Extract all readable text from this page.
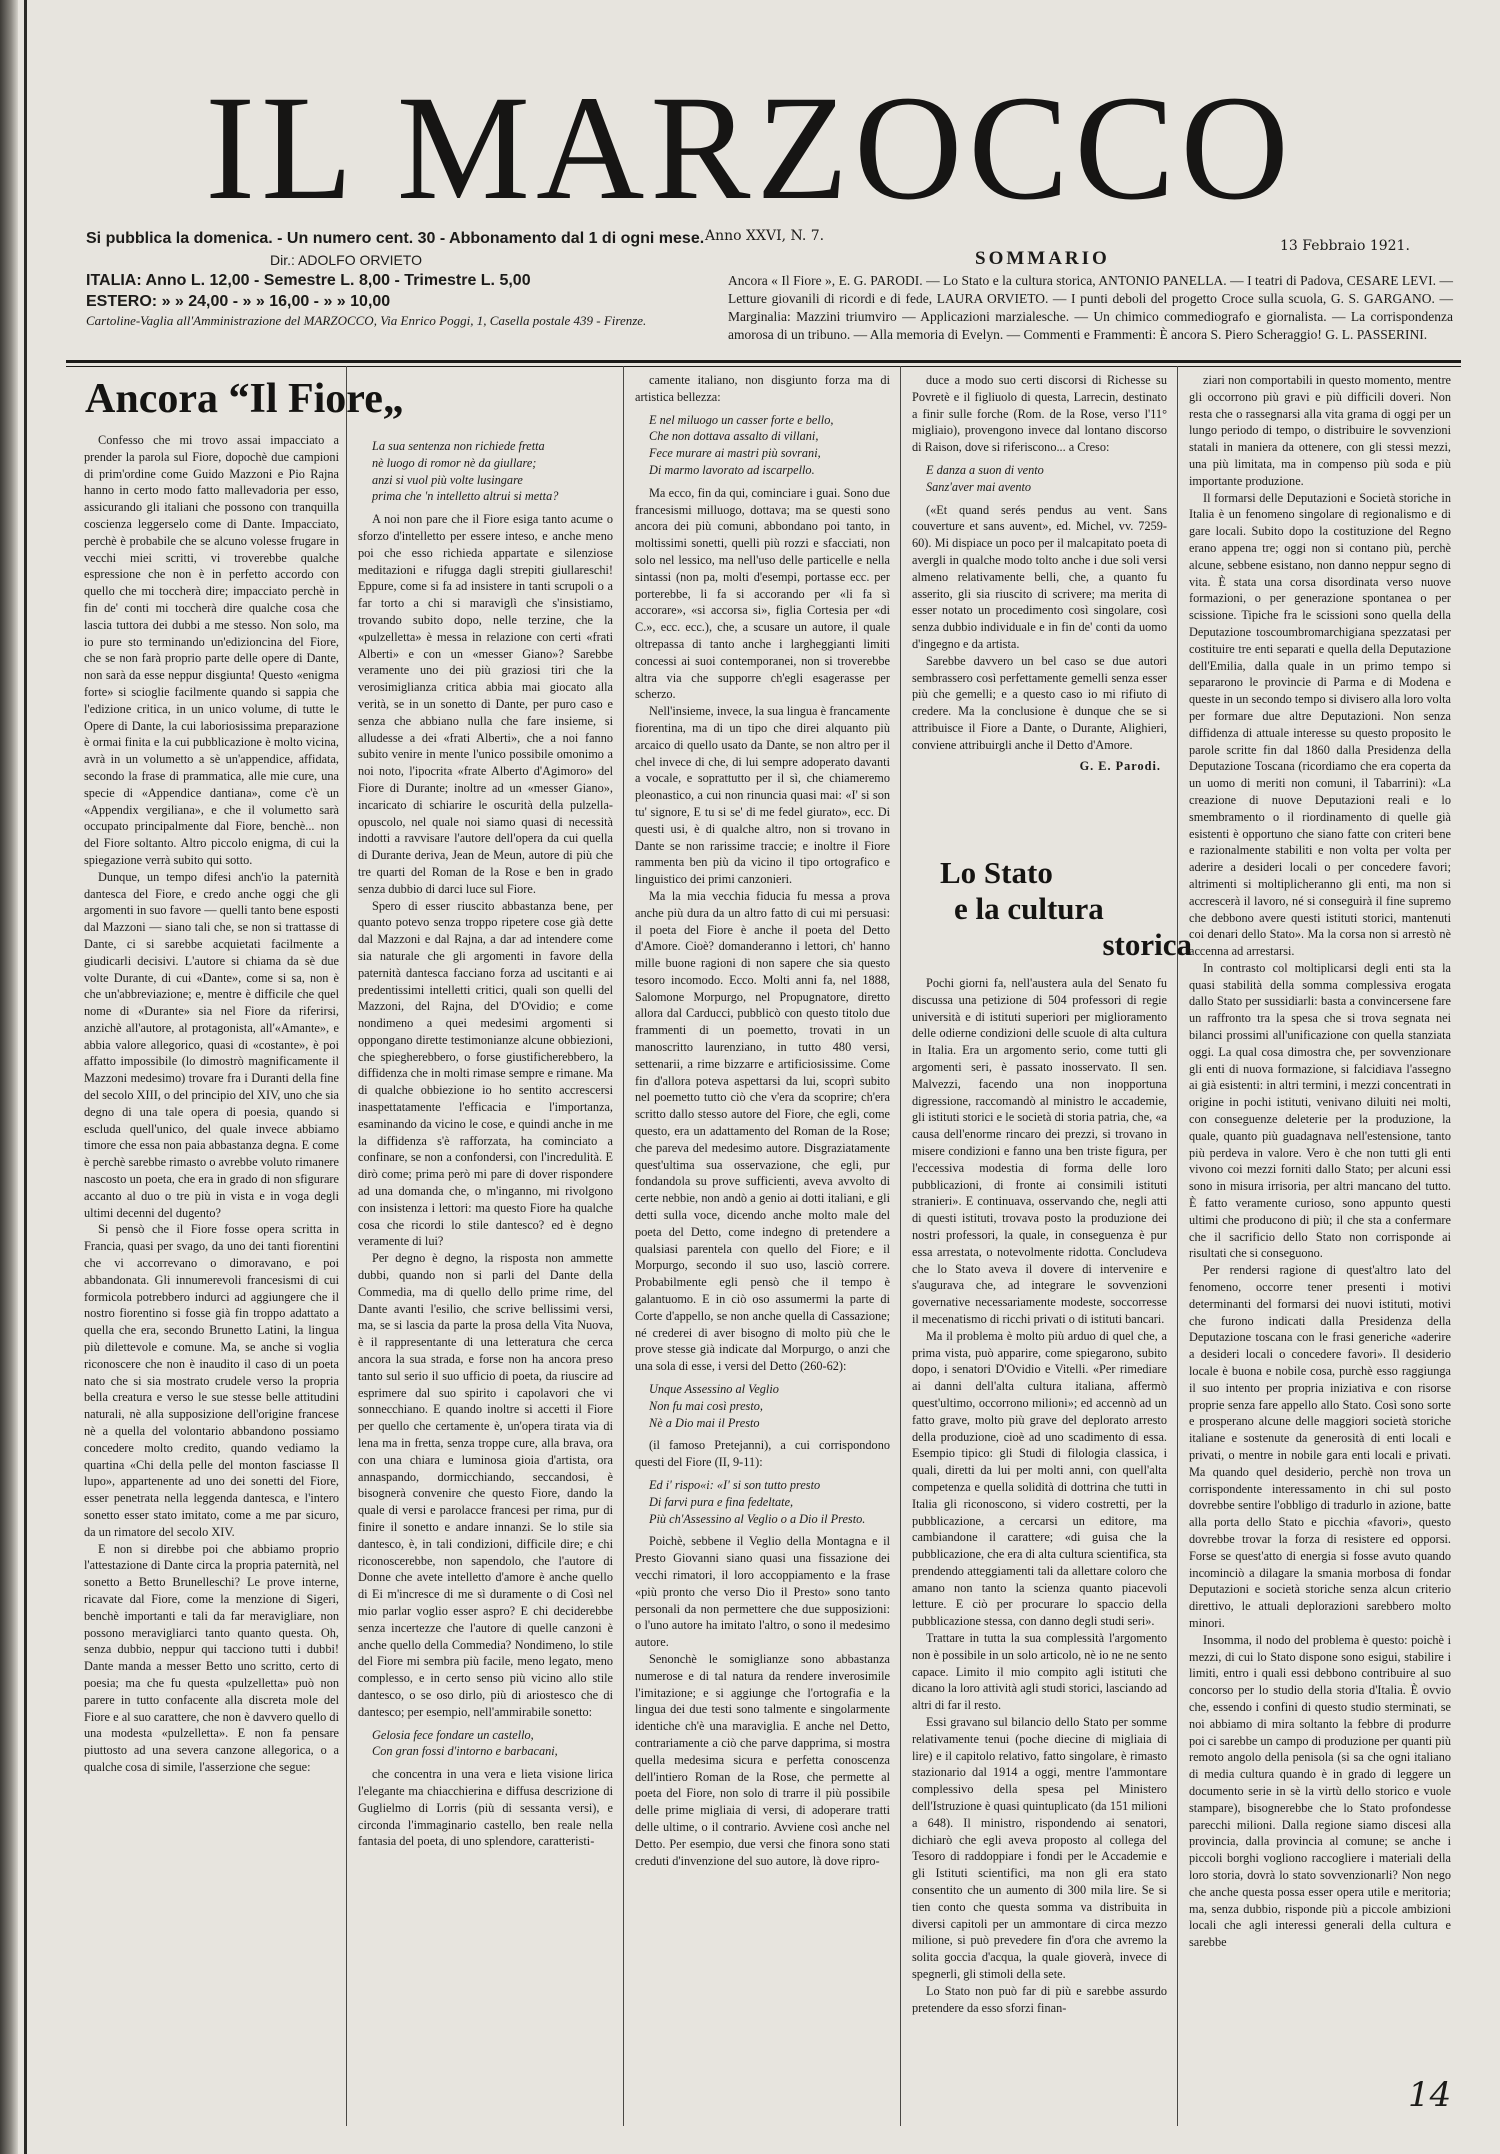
IL MARZOCCO
Si pubblica la domenica. - Un numero cent. 30 - Abbonamento dal 1 di ogni mese.
Dir.: ADOLFO ORVIETO
ITALIA: Anno L. 12,00 - Semestre L. 8,00 - Trimestre L. 5,00
ESTERO: » » 24,00 - » » 16,00 - » » 10,00
Cartoline-Vaglia all'Amministrazione del MARZOCCO, Via Enrico Poggi, 1, Casella postale 439 - Firenze.
Anno XXVI, N. 7.
13 Febbraio 1921.
SOMMARIO
Ancora « Il Fiore », E. G. PARODI. — Lo Stato e la cultura storica, ANTONIO PANELLA. — I teatri di Padova, CESARE LEVI. — Letture giovanili di ricordi e di fede, LAURA ORVIETO. — I punti deboli del progetto Croce sulla scuola, G. S. GARGANO. — Marginalia: Mazzini triumviro — Applicazioni marzialesche. — Un chimico commediografo e giornalista. — La corrispondenza amorosa di un tribuno. — Alla memoria di Evelyn. — Commenti e Frammenti: È ancora S. Piero Scheraggio! G. L. PASSERINI.
Ancora “Il Fiore„

Confesso che mi trovo assai impacciato a prender la parola sul Fiore, dopochè due campioni di prim'ordine come Guido Mazzoni e Pio Rajna hanno in certo modo fatto mallevadoria per esso, assicurando gli italiani che possono con tranquilla coscienza leggerselo come di Dante. Impacciato, perchè è probabile che se alcuno volesse frugare in vecchi miei scritti, vi troverebbe qualche espressione che non è in perfetto accordo con quello che mi toccherà dire; impacciato perchè in fin de' conti mi toccherà dire qualche cosa che lascia tuttora dei dubbi a me stesso. Non solo, ma io pure sto terminando un'edizioncina del Fiore, che se non farà proprio parte delle opere di Dante, non sarà da esse neppur disgiunta! Questo «enigma forte» si scioglie facilmente quando si sappia che l'edizione critica, in un unico volume, di tutte le Opere di Dante, la cui laboriosissima preparazione è ormai finita e la cui pubblicazione è molto vicina, avrà in un volumetto a sè un'appendice, affidata, secondo la frase di prammatica, alle mie cure, una specie di «Appendice dantiana», come c'è un «Appendix vergiliana», e che il volumetto sarà occupato principalmente dal Fiore, benchè... non del Fiore soltanto. Altro piccolo enigma, di cui la spiegazione verrà subito qui sotto.

Dunque, un tempo difesi anch'io la paternità dantesca del Fiore, e credo anche oggi che gli argomenti in suo favore — quelli tanto bene esposti dal Mazzoni — siano tali che, se non si trattasse di Dante, ci si sarebbe acquietati facilmente a giudicarli decisivi. L'autore si chiama da sè due volte Durante, di cui «Dante», come si sa, non è che un'abbreviazione; e, mentre è difficile che quel nome di «Durante» sia nel Fiore da riferirsi, anzichè all'autore, al protagonista, all'«Amante», e abbia valore allegorico, quasi di «costante», è poi affatto impossibile (lo dimostrò magnificamente il Mazzoni medesimo) trovare fra i Duranti della fine del secolo XIII, o del principio del XIV, uno che sia degno di una tale opera di poesia, quando si escluda quell'unico, del quale invece abbiamo timore che essa non paia abbastanza degna. E come è perchè sarebbe rimasto o avrebbe voluto rimanere nascosto un poeta, che era in grado di non sfigurare accanto al duo o tre più in vista e in voga degli ultimi decenni del dugento?

Si pensò che il Fiore fosse opera scritta in Francia, quasi per svago, da uno dei tanti fiorentini che vi accorrevano o dimoravano, e poi abbandonata. Gli innumerevoli francesismi di cui formicola potrebbero indurci ad aggiungere che il nostro fiorentino si fosse già fin troppo adattato a quella che era, secondo Brunetto Latini, la lingua più dilettevole e comune. Ma, se anche si voglia riconoscere che non è inaudito il caso di un poeta nato che si sia mostrato crudele verso la propria bella creatura e verso le sue stesse belle attitudini naturali, nè alla supposizione dell'origine francese nè a quella del volontario abbandono possiamo concedere molto credito, quando vediamo la quartina «Chi della pelle del monton fasciasse Il lupo», appartenente ad uno dei sonetti del Fiore, esser penetrata nella leggenda dantesca, e l'intero sonetto esser stato imitato, come a me par sicuro, da un rimatore del secolo XIV.

E non si direbbe poi che abbiamo proprio l'attestazione di Dante circa la propria paternità, nel sonetto a Betto Brunelleschi? Le prove interne, ricavate dal Fiore, come la menzione di Sigeri, benchè importanti e tali da far meravigliare, non possono meravigliarci tanto quanto questa. Oh, senza dubbio, neppur qui tacciono tutti i dubbi! Dante manda a messer Betto uno scritto, certo di poesia; ma che fu questa «pulzelletta» può non parere in tutto confacente alla discreta mole del Fiore e al suo carattere, che non è davvero quello di una modesta «pulzelletta». E non fa pensare piuttosto ad una severa canzone allegorica, o a qualche cosa di simile, l'asserzione che segue:

La sua sentenza non richiede fretta
nè luogo di romor nè da giullare;
anzi si vuol più volte lusingare
prima che 'n intelletto altrui si metta?

A noi non pare che il Fiore esiga tanto acume o sforzo d'intelletto per essere inteso, e anche meno poi che esso richieda appartate e silenziose meditazioni e rifugga dagli strepiti giullareschi! Eppure, come si fa ad insistere in tanti scrupoli o a far torto a chi si maraviglì che s'insistiamo, trovando subito dopo, nelle terzine, che la «pulzelletta» è messa in relazione con certi «frati Alberti» e con un «messer Giano»? Sarebbe veramente uno dei più graziosi tiri che la verosimiglianza critica abbia mai giocato alla verità, se in un sonetto di Dante, per puro caso e senza che abbiano nulla che fare insieme, si alludesse a dei «frati Alberti», che a noi fanno subito venire in mente l'unico possibile omonimo a noi noto, l'ipocrita «frate Alberto d'Agimoro» del Fiore di Durante; inoltre ad un «messer Giano», incaricato di schiarire le oscurità della pulzella-opuscolo, nel quale noi siamo quasi di necessità indotti a ravvisare l'autore dell'opera da cui quella di Durante deriva, Jean de Meun, autore di più che tre quarti del Roman de la Rose e ben in grado senza dubbio di darci luce sul Fiore.

Spero di esser riuscito abbastanza bene, per quanto potevo senza troppo ripetere cose già dette dal Mazzoni e dal Rajna, a dar ad intendere come sia naturale che gli argomenti in favore della paternità dantesca facciano forza ad uscitanti e ai predentissimi intelletti critici, quali son quelli del Mazzoni, del Rajna, del D'Ovidio; e come nondimeno a quei medesimi argomenti si oppongano dirette testimonianze alcune obbiezioni, che spiegherebbero, o forse giustificherebbero, la diffidenza che in molti rimase sempre e rimane. Ma di qualche obbiezione io ho sentito accrescersi inaspettatamente l'efficacia e l'importanza, esaminando da vicino le cose, e quindi anche in me la diffidenza s'è rafforzata, ha cominciato a confinare, se non a confondersi, con l'incredulità. E dirò come; prima però mi pare di dover rispondere ad una domanda che, o m'inganno, mi rivolgono con insistenza i lettori: ma questo Fiore ha qualche cosa che ricordi lo stile dantesco? ed è degno veramente di lui?

Per degno è degno, la risposta non ammette dubbi, quando non si parli del Dante della Commedia, ma di quello dello prime rime, del Dante avanti l'esilio, che scrive bellissimi versi, ma, se si lascia da parte la prosa della Vita Nuova, è il rappresentante di una letteratura che cerca ancora la sua strada, e forse non ha ancora preso tanto sul serio il suo ufficio di poeta, da riuscire ad esprimere dal suo spirito i capolavori che vi sonnecchiano. E quando inoltre si accetti il Fiore per quello che certamente è, un'opera tirata via di lena ma in fretta, senza troppe cure, alla brava, ora con una chiara e luminosa gioia d'artista, ora annaspando, dormicchiando, seccandosi, è bisognerà convenire che questo Fiore, dando la quale di versi e parolacce francesi per rima, pur di finire il sonetto e andare innanzi. Se lo stile sia dantesco, è, in tali condizioni, difficile dire; e chi riconoscerebbe, non sapendolo, che l'autore di Donne che avete intelletto d'amore è anche quello di Ei m'incresce di me sì duramente o di Così nel mio parlar voglio esser aspro? E chi deciderebbe senza incertezze che l'autore di quelle canzoni è anche quello della Commedia? Nondimeno, lo stile del Fiore mi sembra più facile, meno legato, meno complesso, e in certo senso più vicino allo stile dantesco, o se oso dirlo, più di ariostesco che di dantesco; per esempio, nell'ammirabile sonetto:

Gelosia fece fondare un castello,
Con gran fossi d'intorno e barbacani,

che concentra in una vera e lieta visione lirica l'elegante ma chiacchierina e diffusa descrizione di Guglielmo di Lorris (più di sessanta versi), e circonda l'immaginario castello, ben reale nella fantasia del poeta, di uno splendore, caratteristi-

camente italiano, non disgiunto forza ma di artistica bellezza:

E nel miluogo un casser forte e bello,
Che non dottava assalto di villani,
Fece murare ai mastri più sovrani,
Di marmo lavorato ad iscarpello.

Ma ecco, fin da qui, cominciare i guai. Sono due francesismi milluogo, dottava; ma se questi sono ancora dei più comuni, abbondano poi tanto, in moltissimi sonetti, quelli più rozzi e sfacciati, non solo nel lessico, ma nell'uso delle particelle e nella sintassi (non pa, molti d'esempi, portasse ecc. per porterebbe, li fa si accorando per «li fa sì accorare», «si accorsa si», figlia Cortesia per «di C.», ecc. ecc.), che, a scusare un autore, il quale oltrepassa di tanto anche i largheggianti limiti concessi ai suoi contemporanei, non si troverebbe altra via che supporre ch'egli esagerasse per scherzo.

Nell'insieme, invece, la sua lingua è francamente fiorentina, ma di un tipo che direi alquanto più arcaico di quello usato da Dante, se non altro per il chel invece di che, di lui sempre adoperato davanti a vocale, e soprattutto per il sì, che chiameremo pleonastico, a cui non rinuncia quasi mai: «I' si son tu' signore, E tu si se' di me fedel giurato», ecc. Di questi usi, è di qualche altro, non si trovano in Dante se non rarissime traccie; e inoltre il Fiore rammenta ben più da vicino il tipo ortografico e linguistico dei primi canzonieri.

Ma la mia vecchia fiducia fu messa a prova anche più dura da un altro fatto di cui mi persuasi: il poeta del Fiore è anche il poeta del Detto d'Amore. Cioè? domanderanno i lettori, ch' hanno mille buone ragioni di non sapere che sia questo tesoro incomodo. Ecco. Molti anni fa, nel 1888, Salomone Morpurgo, nel Propugnatore, diretto allora dal Carducci, pubblicò con questo titolo due frammenti di un poemetto, trovati in un manoscritto laurenziano, in tutto 480 versi, settenarii, a rime bizzarre e artificiosissime. Come fin d'allora poteva aspettarsi da lui, scoprì subito nel poemetto tutto ciò che v'era da scoprire; ch'era scritto dallo stesso autore del Fiore, che egli, come questo, era un adattamento del Roman de la Rose; che pareva del medesimo autore. Disgraziatamente quest'ultima sua osservazione, che egli, pur fondandola su prove sufficienti, aveva avvolto di certe nebbie, non andò a genio ai dotti italiani, e gli detti sulla voce, dicendo anche molto male del poeta del Detto, come indegno di pretendere a qualsiasi parentela con quello del Fiore; e il Morpurgo, secondo il suo uso, lasciò correre. Probabilmente egli pensò che il tempo è galantuomo. E in ciò oso assumermi la parte di Corte d'appello, se non anche quella di Cassazione; né crederei di aver bisogno di molto più che le prove stesse già indicate dal Morpurgo, o anzi che una sola di esse, i versi del Detto (260-62):

Unque Assessino al Veglio
Non fu mai così presto,
Nè a Dio mai il Presto

(il famoso Pretejanni), a cui corrispondono questi del Fiore (II, 9-11):

Ed i' rispo«i: «I' si son tutto presto
Di farvi pura e fina fedeltate,
Più ch'Assessino al Veglio o a Dio il Presto.

Poichè, sebbene il Veglio della Montagna e il Presto Giovanni siano quasi una fissazione dei vecchi rimatori, il loro accoppiamento e la frase «più pronto che verso Dio il Presto» sono tanto personali da non permettere che due supposizioni: o l'uno autore ha imitato l'altro, o sono il medesimo autore.

Senonchè le somiglianze sono abbastanza numerose e di tal natura da rendere inverosimile l'imitazione; e si aggiunge che l'ortografia e la lingua dei due testi sono talmente e singolarmente identiche ch'è una maraviglia. E anche nel Detto, contrariamente a ciò che parve dapprima, si mostra quella medesima sicura e perfetta conoscenza dell'intiero Roman de la Rose, che permette al poeta del Fiore, non solo di trarre il più possibile delle prime migliaia di versi, di adoperare tratti delle ultime, o il contrario. Avviene così anche nel Detto. Per esempio, due versi che finora sono stati creduti d'invenzione del suo autore, là dove ripro-

duce a modo suo certi discorsi di Richesse su Povretè e il figliuolo di questa, Larrecin, destinato a finir sulle forche (Rom. de la Rose, verso l'11° migliaio), provengono invece dal lontano discorso di Raison, dove si riferiscono... a Creso:

E danza a suon di vento
Sanz'aver mai avento

(«Et quand serés pendus au vent. Sans couverture et sans auvent», ed. Michel, vv. 7259-60). Mi dispiace un poco per il malcapitato poeta di avergli in qualche modo tolto anche i due soli versi almeno relativamente belli, che, a quanto fu asserito, gli sia riuscito di scrivere; ma merita di esser notato un procedimento così singolare, così senza dubbio individuale e in fin de' conti da uomo d'ingegno e da artista.

Sarebbe davvero un bel caso se due autori sembrassero così perfettamente gemelli senza esser più che gemelli; e a questo caso io mi rifiuto di credere. Ma la conclusione è dunque che se si attribuisce il Fiore a Dante, o Durante, Alighieri, conviene attribuirgli anche il Detto d'Amore.

G. E. Parodi.

Lo Stato
e la cultura
storica

Pochi giorni fa, nell'austera aula del Senato fu discussa una petizione di 504 professori di regie università e di istituti superiori per miglioramento delle odierne condizioni delle scuole di alta cultura in Italia. Era un argomento serio, come tutti gli argomenti seri, è passato inosservato. Il sen. Malvezzi, facendo una non inopportuna digressione, raccomandò al ministro le accademie, gli istituti storici e le società di storia patria, che, «a causa dell'enorme rincaro dei prezzi, si trovano in misere condizioni e fanno una ben triste figura, per l'eccessiva modestia di forma delle loro pubblicazioni, di fronte ai consimili istituti stranieri». E continuava, osservando che, negli atti di questi istituti, trovava posto la produzione dei nostri professori, la quale, in conseguenza è pur essa arrestata, o notevolmente ridotta. Concludeva che lo Stato aveva il dovere di intervenire e s'augurava che, ad integrare le sovvenzioni governative necessariamente modeste, soccorresse il mecenatismo di ricchi privati o di istituti bancari.

Ma il problema è molto più arduo di quel che, a prima vista, può apparire, come spiegarono, subito dopo, i senatori D'Ovidio e Vitelli. «Per rimediare ai danni dell'alta cultura italiana, affermò quest'ultimo, occorrono milioni»; ed accennò ad un fatto grave, molto più grave del deplorato arresto della produzione, cioè ad uno scadimento di essa. Esempio tipico: gli Studi di filologia classica, i quali, diretti da lui per molti anni, con quell'alta competenza e quella solidità di dottrina che tutti in Italia gli riconoscono, si videro costretti, per la pubblicazione, a cercarsi un editore, ma cambiandone il carattere; «di guisa che la pubblicazione, che era di alta cultura scientifica, sta prendendo atteggiamenti tali da allettare coloro che amano non tanto la scienza quanto piacevoli letture. E ciò per procurare lo spaccio della pubblicazione stessa, con danno degli studi seri».

Trattare in tutta la sua complessità l'argomento non è possibile in un solo articolo, nè io ne ne sento capace. Limito il mio compito agli istituti che dicano la loro attività agli studi storici, lasciando ad altri di far il resto.

Essi gravano sul bilancio dello Stato per somme relativamente tenui (poche diecine di migliaia di lire) e il capitolo relativo, fatto singolare, è rimasto stazionario dal 1914 a oggi, mentre l'ammontare complessivo della spesa pel Ministero dell'Istruzione è quasi quintuplicato (da 151 milioni a 648). Il ministro, rispondendo ai senatori, dichiarò che egli aveva proposto al collega del Tesoro di raddoppiare i fondi per le Accademie e gli Istituti scientifici, ma non gli era stato consentito che un aumento di 300 mila lire. Se si tien conto che questa somma va distribuita in diversi capitoli per un ammontare di circa mezzo milione, si può prevedere fin d'ora che avremo la solita goccia d'acqua, la quale gioverà, invece di spegnerli, gli stimoli della sete.

Lo Stato non può far di più e sarebbe assurdo pretendere da esso sforzi finan-

ziari non comportabili in questo momento, mentre gli occorrono più gravi e più difficili doveri. Non resta che o rassegnarsi alla vita grama di oggi per un lungo periodo di tempo, o distribuire le sovvenzioni statali in maniera da ottenere, con gli stessi mezzi, una più limitata, ma in compenso più soda e più importante produzione.

Il formarsi delle Deputazioni e Società storiche in Italia è un fenomeno singolare di regionalismo e di gare locali. Subito dopo la costituzione del Regno erano appena tre; oggi non si contano più, perchè alcune, sebbene esistano, non danno neppur segno di vita. È stata una corsa disordinata verso nuove formazioni, o per generazione spontanea o per scissione. Tipiche fra le scissioni sono quella della Deputazione toscoumbromarchigiana spezzatasi per costituire tre enti separati e quella della Deputazione dell'Emilia, dalla quale in un primo tempo si separarono le provincie di Parma e di Modena e queste in un secondo tempo si divisero alla loro volta per formare due altre Deputazioni. Non senza diffidenza di attuale interesse su questo proposito le parole scritte fin dal 1860 dalla Presidenza della Deputazione Toscana (ricordiamo che era coperta da un uomo di meriti non comuni, il Tabarrini): «La creazione di nuove Deputazioni reali e lo smembramento o il riordinamento di quelle già esistenti è opportuno che siano fatte con criteri bene e razionalmente stabiliti e non volta per volta per aderire a desideri locali o per concedere favori; altrimenti si moltiplicheranno gli enti, ma non si accrescerà il lavoro, né si conseguirà il fine supremo che debbono avere questi istituti storici, mantenuti coi denari dello Stato». Ma la corsa non si arrestò nè accenna ad arrestarsi.

In contrasto col moltiplicarsi degli enti sta la quasi stabilità della somma complessiva erogata dallo Stato per sussidiarli: basta a convincersene fare un raffronto tra la spesa che si trova segnata nei bilanci prossimi all'unificazione con quella stanziata oggi. La qual cosa dimostra che, per sovvenzionare gli enti di nuova formazione, si falcidiava l'assegno ai già esistenti: in altri termini, i mezzi concentrati in origine in pochi istituti, venivano diluiti nei molti, con conseguenze deleterie per la produzione, la quale, quanto più guadagnava nell'estensione, tanto più perdeva in valore. Vero è che non tutti gli enti vivono coi mezzi forniti dallo Stato; per alcuni essi sono in misura irrisoria, per altri mancano del tutto. È fatto veramente curioso, sono appunto questi ultimi che producono di più; il che sta a confermare che il sacrificio dello Stato non corrisponde ai risultati che si conseguono.

Per rendersi ragione di quest'altro lato del fenomeno, occorre tener presenti i motivi determinanti del formarsi dei nuovi istituti, motivi che furono indicati dalla Presidenza della Deputazione toscana con le frasi generiche «aderire a desideri locali o concedere favori». Il desiderio locale è buona e nobile cosa, purchè esso raggiunga il suo intento per propria iniziativa e con risorse proprie senza fare appello allo Stato. Così sono sorte e prosperano alcune delle maggiori società storiche italiane e sostenute da generosità di enti locali e privati, o mentre in nobile gara enti locali e privati. Ma quando quel desiderio, perchè non trova un corrispondente interessamento in chi sul posto dovrebbe sentire l'obbligo di tradurlo in azione, batte alla porta dello Stato e picchia «favori», questo dovrebbe trovar la forza di resistere ed opporsi. Forse se quest'atto di energia si fosse avuto quando incominciò a dilagare la smania morbosa di fondar Deputazioni e società storiche senza alcun criterio direttivo, le attuali deplorazioni sarebbero molto minori.

Insomma, il nodo del problema è questo: poichè i mezzi, di cui lo Stato dispone sono esigui, stabilire i limiti, entro i quali essi debbono contribuire al suo concorso per lo studio della storia d'Italia. È ovvio che, essendo i confini di questo studio sterminati, se noi abbiamo di mira soltanto la febbre di produrre poi ci sarebbe un campo di produzione per quanti più remoto angolo della penisola (si sa che ogni italiano di media cultura quando è in grado di leggere un documento serie in sè la virtù dello storico e vuole stampare), bisognerebbe che lo Stato profondesse parecchi milioni. Dalla regione siamo discesi alla provincia, dalla provincia al comune; se anche i piccoli borghi vogliono raccogliere i materiali della loro storia, dovrà lo stato sovvenzionarli? Non nego che anche questa possa esser opera utile e meritoria; ma, senza dubbio, risponde più a piccole ambizioni locali che agli interessi generali della cultura e sarebbe

14
